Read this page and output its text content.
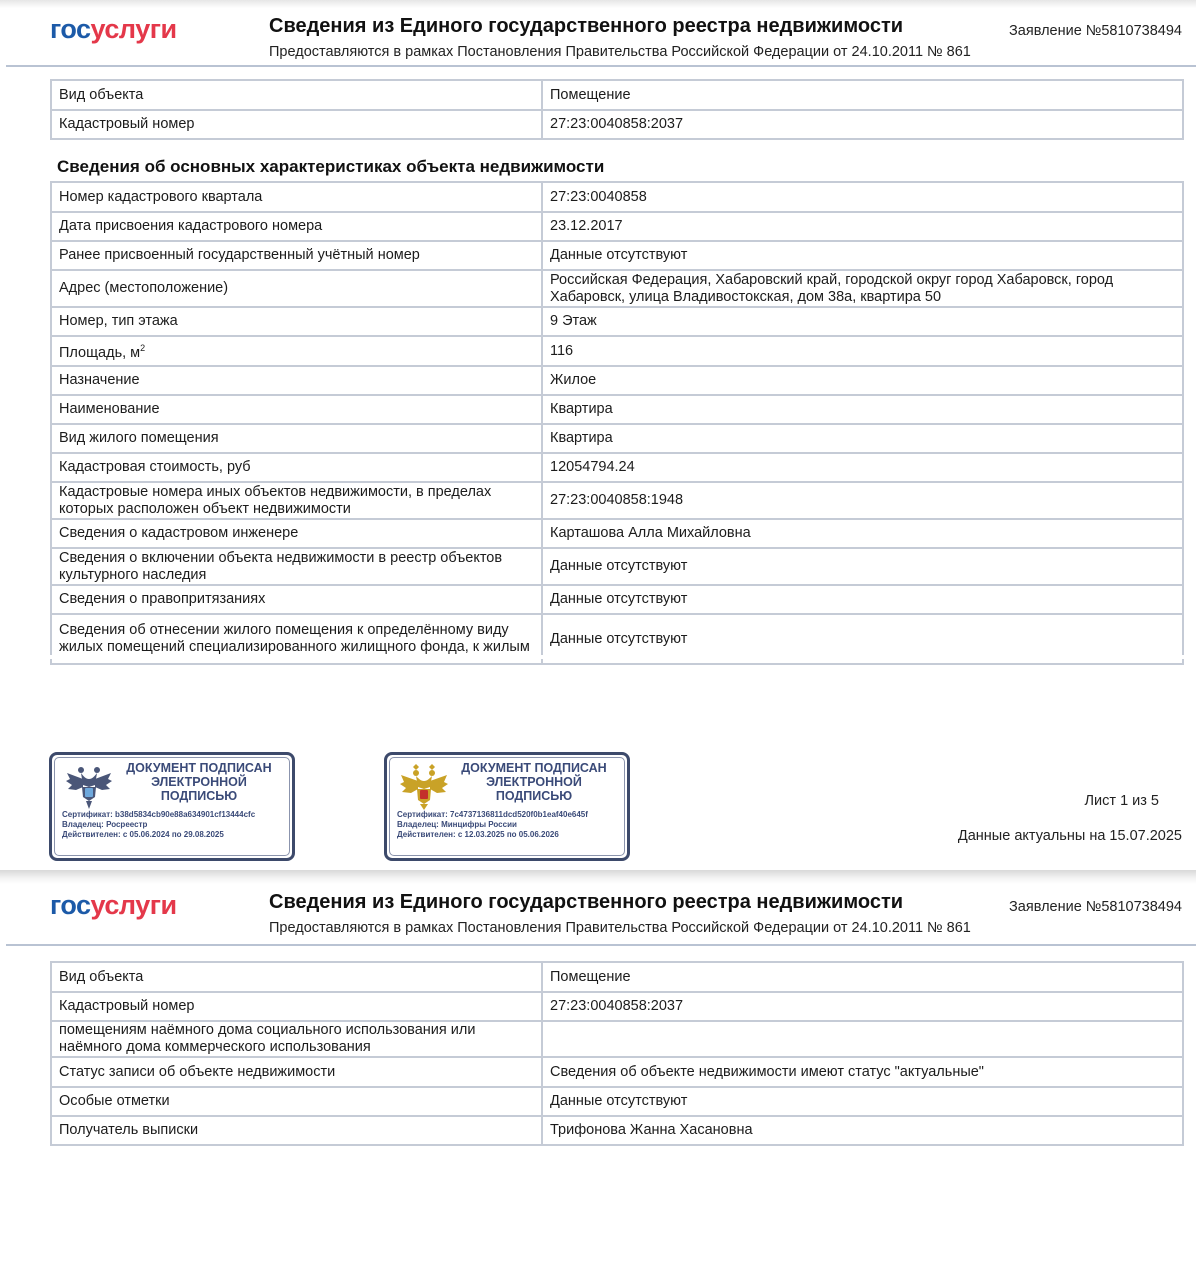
госуслуги	Сведения из Единого государственного реестра недвижимости
Предоставляются в рамках Постановления Правительства Российской Федерации от 24.10.2011 № 861
Заявление №5810738494
Вид объекта	Помещение
Кадастровый номер	27:23:0040858:2037
Сведения об основных характеристиках объекта недвижимости
Номер кадастрового квартала	27:23:0040858
Дата присвоения кадастрового номера	23.12.2017
Ранее присвоенный государственный учётный номер	Данные отсутствуют
Адрес (местоположение)	Российская Федерация, Хабаровский край, городской округ город Хабаровск, город Хабаровск, улица Владивостокская, дом 38а, квартира 50
Номер, тип этажа	9 Этаж
Площадь, $м^2$	116
Назначение	Жилое
Наименование	Квартира
Вид жилого помещения	Квартира
Кадастровая стоимость, руб	12054794.24
Кадастровые номера иных объектов недвижимости, в пределах которых расположен объект недвижимости	27:23:0040858:1948
Сведения о кадастровом инженере	Карташова Алла Михайловна
Сведения о включении объекта недвижимости в реестр объектов культурного наследия	Данные отсутствуют
Сведения о правопритязаниях	Данные отсутствуют
Сведения об отнесении жилого помещения к определённому виду жилых помещений специализированного жилищного фонда, к жилым	Данные отсутствуют
ДОКУМЕНТ ПОДПИСАН
ЭЛЕКТРОННОЙ
ПОДПИСЬЮ
Сертификат: b38d5834cb90e88a634901cf13444cfc
Владелец: Росреестр
Действителен: с 05.06.2024 по 29.08.2025
ДОКУМЕНТ ПОДПИСАН
ЭЛЕКТРОННОЙ
ПОДПИСЬЮ
Сертификат: 7c4737136811dcd520f0b1eaf40e645f
Владелец: Минцифры России
Действителен: с 12.03.2025 по 05.06.2026
Лист 1 из 5
Данные актуальны на 15.07.2025
госуслуги	Сведения из Единого государственного реестра недвижимости
Предоставляются в рамках Постановления Правительства Российской Федерации от 24.10.2011 № 861
Заявление №5810738494
Вид объекта	Помещение
Кадастровый номер	27:23:0040858:2037
помещениям наёмного дома социального использования или наёмного дома коммерческого использования	
Статус записи об объекте недвижимости	Сведения об объекте недвижимости имеют статус "актуальные"
Особые отметки	Данные отсутствуют
Получатель выписки	Трифонова Жанна Хасановна
